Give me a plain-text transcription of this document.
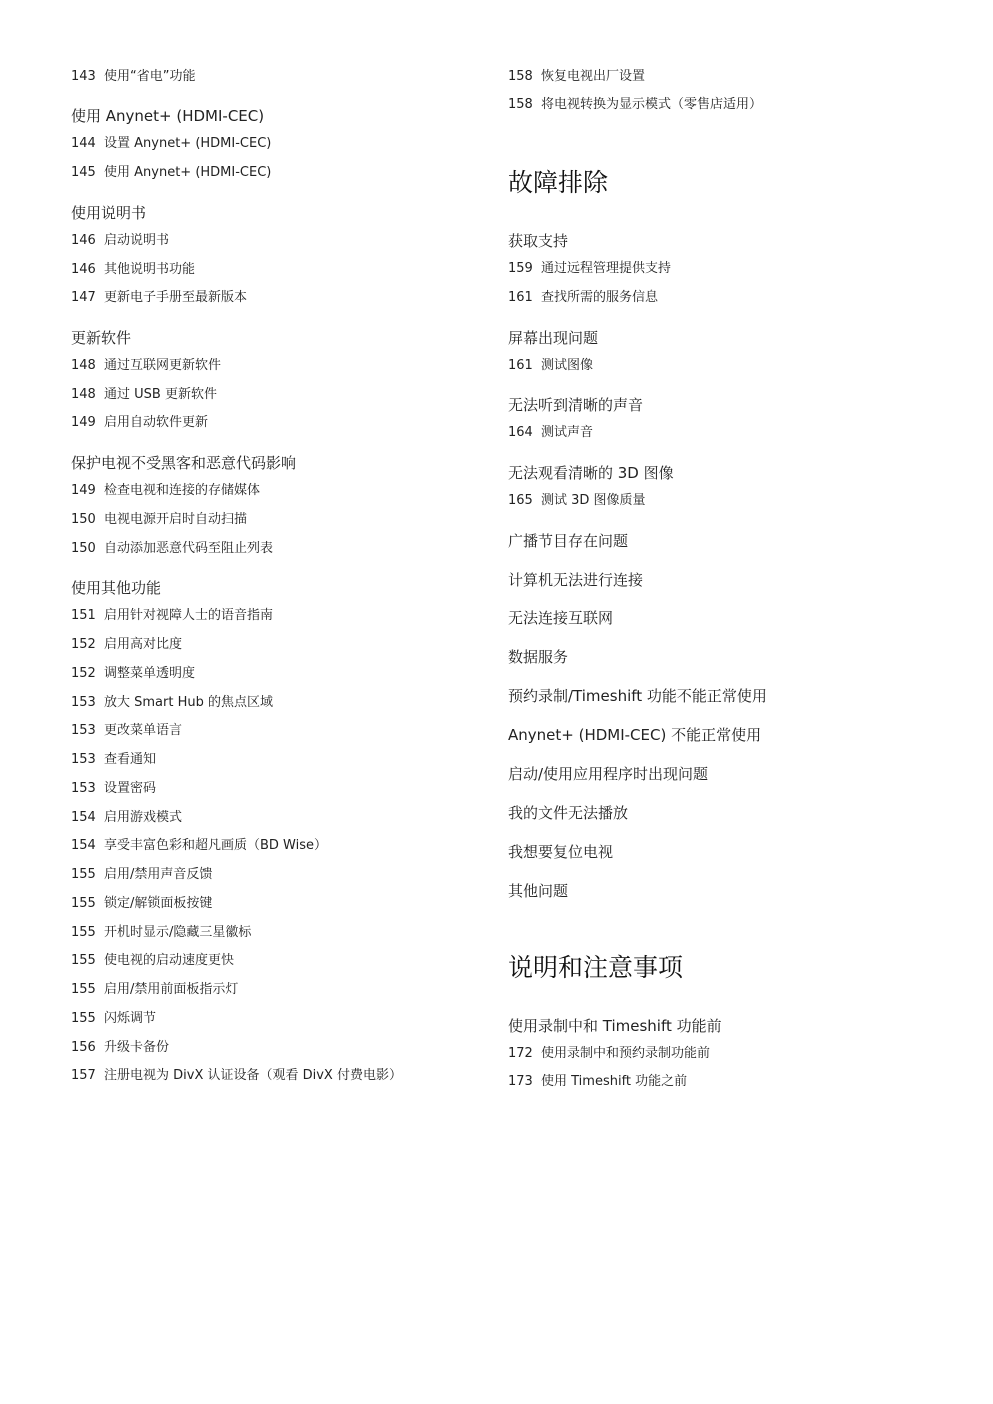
143 使用“省电”功能
使用 Anynet+ (HDMI-CEC)
144 设置 Anynet+ (HDMI-CEC)
145 使用 Anynet+ (HDMI-CEC)
使用说明书
146 启动说明书
146 其他说明书功能
147 更新电子手册至最新版本
更新软件
148 通过互联网更新软件
148 通过 USB 更新软件
149 启用自动软件更新
保护电视不受黑客和恶意代码影响
149 检查电视和连接的存储媒体
150 电视电源开启时自动扫描
150 自动添加恶意代码至阻止列表
使用其他功能
151 启用针对视障人士的语音指南
152 启用高对比度
152 调整菜单透明度
153 放大 Smart Hub 的焦点区域
153 更改菜单语言
153 查看通知
153 设置密码
154 启用游戏模式
154 享受丰富色彩和超凡画质（BD Wise）
155 启用/禁用声音反馈
155 锁定/解锁面板按键
155 开机时显示/隐藏三星徽标
155 使电视的启动速度更快
155 启用/禁用前面板指示灯
155 闪烁调节
156 升级卡备份
157 注册电视为 DivX 认证设备（观看 DivX 付费电影）
158 恢复电视出厂设置
158 将电视转换为显示模式（零售店适用）
故障排除
获取支持
159 通过远程管理提供支持
161 查找所需的服务信息
屏幕出现问题
161 测试图像
无法听到清晰的声音
164 测试声音
无法观看清晰的 3D 图像
165 测试 3D 图像质量
广播节目存在问题
计算机无法进行连接
无法连接互联网
数据服务
预约录制/Timeshift 功能不能正常使用
Anynet+ (HDMI-CEC) 不能正常使用
启动/使用应用程序时出现问题
我的文件无法播放
我想要复位电视
其他问题
说明和注意事项
使用录制中和 Timeshift 功能前
172 使用录制中和预约录制功能前
173 使用 Timeshift 功能之前
